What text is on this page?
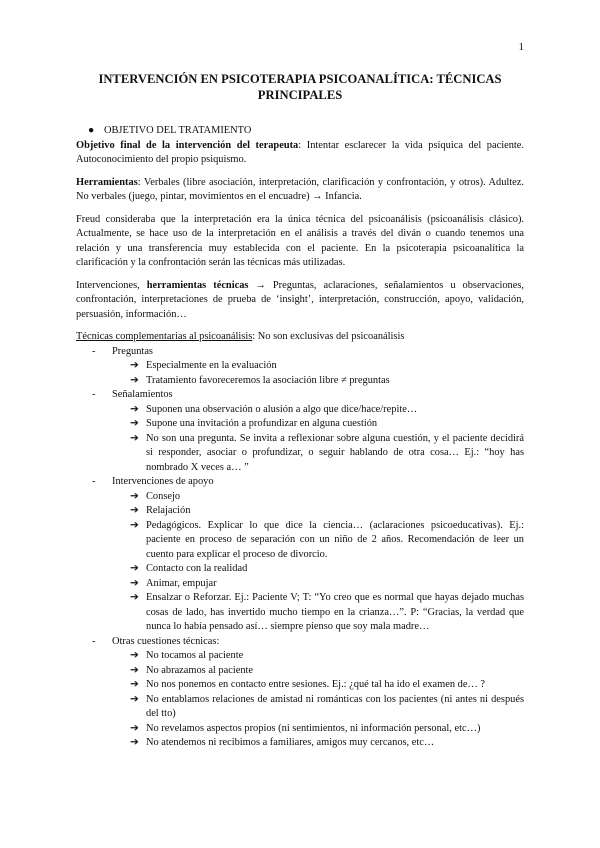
1
INTERVENCIÓN EN PSICOTERAPIA PSICOANALÍTICA: TÉCNICAS PRINCIPALES
● OBJETIVO DEL TRATAMIENTO

Objetivo final de la intervención del terapeuta: Intentar esclarecer la vida psíquica del paciente. Autoconocimiento del propio psiquismo.

Herramientas: Verbales (libre asociación, interpretación, clarificación y confrontación, y otros). Adultez. No verbales (juego, pintar, movimientos en el encuadre) → Infancia.

Freud consideraba que la interpretación era la única técnica del psicoanálisis (psicoanálisis clásico). Actualmente, se hace uso de la interpretación en el análisis a través del diván o cuando tenemos una relación y una transferencia muy establecida con el paciente. En la psicoterapia psicoanalítica la clarificación y la confrontación serán las técnicas más utilizadas.

Intervenciones, herramientas técnicas → Preguntas, aclaraciones, señalamientos u observaciones, confrontación, interpretaciones de prueba de ‘insight’, interpretación, construcción, apoyo, validación, persuasión, información…

Técnicas complementarias al psicoanálisis: No son exclusivas del psicoanálisis

- Preguntas
➔ Especialmente en la evaluación
➔ Tratamiento favoreceremos la asociación libre ≠ preguntas
- Señalamientos
➔ Suponen una observación o alusión a algo que dice/hace/repite…
➔ Supone una invitación a profundizar en alguna cuestión
➔ No son una pregunta. Se invita a reflexionar sobre alguna cuestión, y el paciente decidirá si responder, asociar o profundizar, o seguir hablando de otra cosa… Ej.: “hoy has nombrado X veces a… ”
- Intervenciones de apoyo
➔ Consejo
➔ Relajación
➔ Pedagógicos. Explicar lo que dice la ciencia… (aclaraciones psicoeducativas). Ej.: paciente en proceso de separación con un niño de 2 años. Recomendación de leer un cuento para explicar el proceso de divorcio.
➔ Contacto con la realidad
➔ Animar, empujar
➔ Ensalzar o Reforzar. Ej.: Paciente V; T: “Yo creo que es normal que hayas dejado muchas cosas de lado, has invertido mucho tiempo en la crianza…”. P: “Gracias, la verdad que nunca lo había pensado así… siempre pienso que soy mala madre…
- Otras cuestiones técnicas:
➔ No tocamos al paciente
➔ No abrazamos al paciente
➔ No nos ponemos en contacto entre sesiones. Ej.: ¿qué tal ha ido el examen de… ?
➔ No entablamos relaciones de amistad ni románticas con los pacientes (ni antes ni después del tto)
➔ No revelamos aspectos propios (ni sentimientos, ni información personal, etc…)
➔ No atendemos ni recibimos a familiares, amigos muy cercanos, etc…
